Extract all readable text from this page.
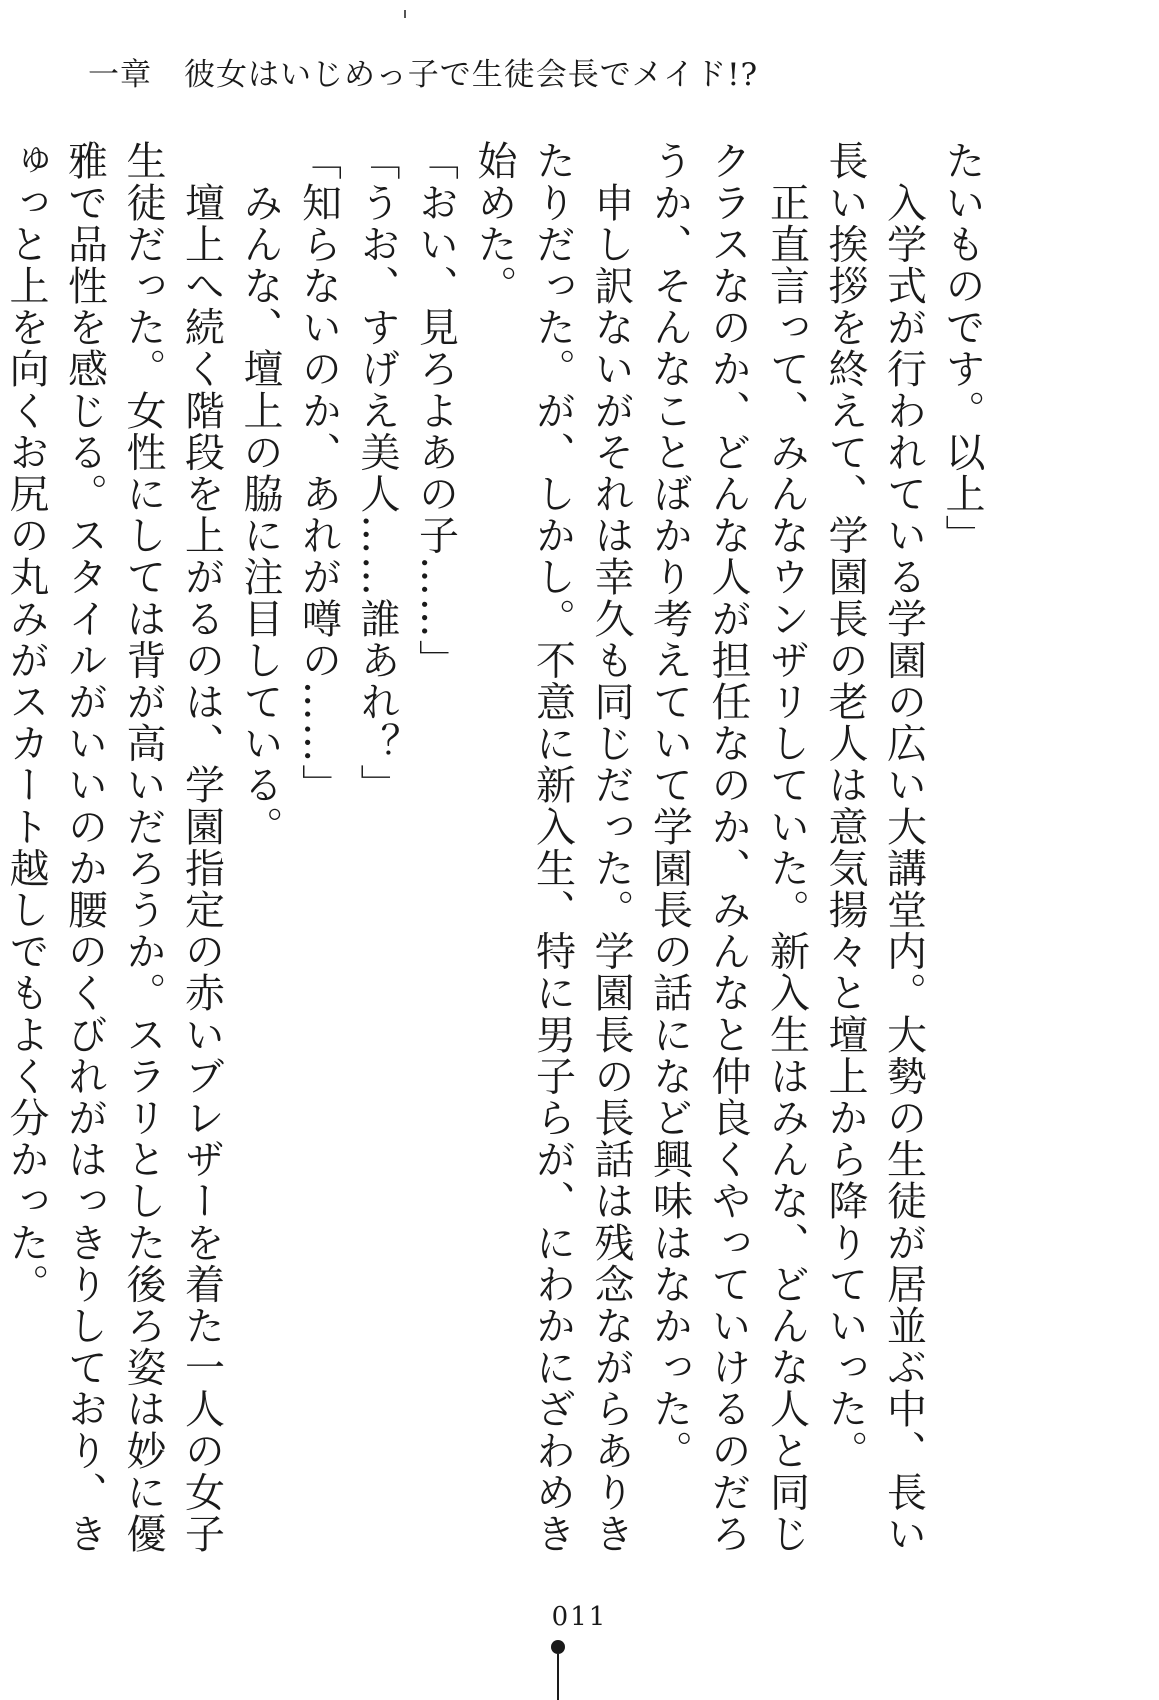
一章　彼女はいじめっ子で生徒会長でメイド!?

たいものです。以上」

　入学式が行われている学園の広い大講堂内。大勢の生徒が居並ぶ中、長い長い挨拶を終えて、学園長の老人は意気揚々と壇上から降りていった。

　正直言って、みんなウンザリしていた。新入生はみんな、どんな人と同じクラスなのか、どんな人が担任なのか、みんなと仲良くやっていけるのだろうか、そんなことばかり考えていて学園長の話になど興味はなかった。

　申し訳ないがそれは幸久も同じだった。学園長の長話は残念ながらありきたりだった。が、しかし。不意に新入生、特に男子らが、にわかにざわめき始めた。

「おい、見ろよあの子……」

「うお、すげえ美人……誰あれ？」

「知らないのか、あれが噂の……」

　みんな、壇上の脇に注目している。

　壇上へ続く階段を上がるのは、学園指定の赤いブレザーを着た一人の女子生徒だった。女性にしては背が高いだろうか。スラリとした後ろ姿は妙に優雅で品性を感じる。スタイルがいいのか腰のくびれがはっきりしており、きゅっと上を向くお尻の丸みがスカート越しでもよく分かった。

011
